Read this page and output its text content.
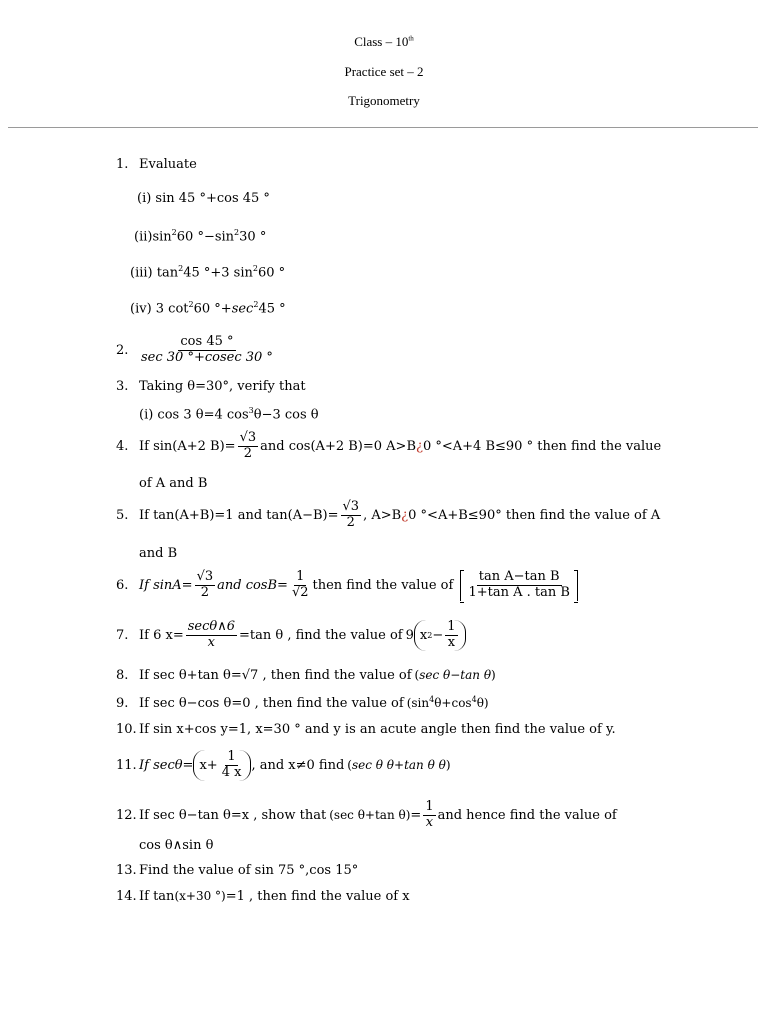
Class – 10th
Practice set – 2
Trigonometry
1. Evaluate
(i) sin 45 °+cos 45 °
$(ii)\sin^260$ $^\circ-\sin^230$ °
(iii) $\tan^245$ °+3 $\sin^260$ °
(iv) 3 $\cot^260$ $^\circ+\sec^245$ °
2. $\frac{\cos 45 ^\circ}{\sec 30 ^\circ+cosec 30 ^\circ}$
3. Taking θ=30°, verify that
(i) cos 3 θ=4 $\cos^3\theta-3$ cos θ
4. If sin(A+2 $B)= \frac{√3}{2}$ and cos(A+2 B)=0 A>B¿0 °<A+4 B≤90 ° then find the value
of A and B
5. If tan(A+B)=1 and $\tan(A-B)= \frac{√3}{2}$ , A>B¿0 °<A+B≤90° then find the value of A
and B
6. If $\sin A= \frac{√3}{2}$ and $\cos B= \frac{1}{√2}$ then find the value of $\frac{\text{tan A−tan B}}{\text{1+tan A . tan B}}$
7. If 6 $x= \frac{\sec\theta\wedge 6}{x} =\tan$ θ , find the value of 9 x $2 - \frac{1}{x}$
8. If sec θ+tan θ=√7 , then find the value of (sec θ−tan θ)
9. If sec θ−cos θ=0 , then find the value of $(\sin^4\theta+\cos^4\theta)$
10. If sin x+cos y=1, x=30 ° and y is an acute angle then find the value of y.
11. If $\sec\theta= x+ \frac{1}{4 x}$ , and x≠0 find (sec θ θ+tan θ θ)
12. If sec θ−tan θ=x , show that (sec θ+tan $\theta)= \frac{1}{x}$ and hence find the value of
cos θ∧sin θ
13. Find the value of sin 75 °,cos 15°
14. If tan(x+30 °)=1 , then find the value of x
